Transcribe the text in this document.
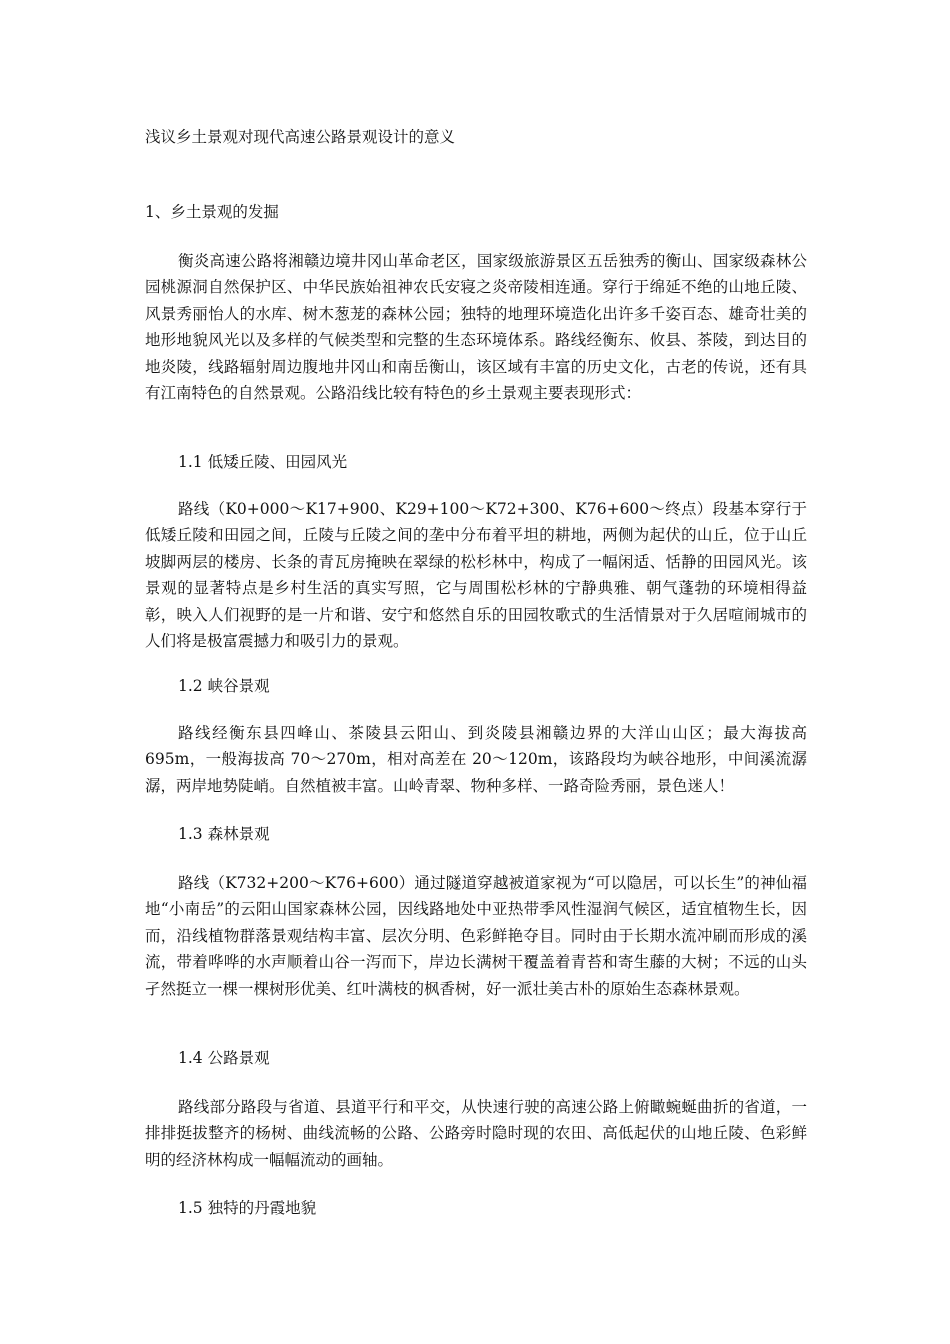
浅议乡土景观对现代高速公路景观设计的意义
1、乡土景观的发掘

衡炎高速公路将湘赣边境井冈山革命老区，国家级旅游景区五岳独秀的衡山、国家级森林公园桃源洞自然保护区、中华民族始祖神农氏安寝之炎帝陵相连通。穿行于绵延不绝的山地丘陵、风景秀丽怡人的水库、树木葱茏的森林公园；独特的地理环境造化出许多千姿百态、雄奇壮美的地形地貌风光以及多样的气候类型和完整的生态环境体系。路线经衡东、攸县、茶陵，到达目的地炎陵，线路辐射周边腹地井冈山和南岳衡山，该区域有丰富的历史文化，古老的传说，还有具有江南特色的自然景观。公路沿线比较有特色的乡土景观主要表现形式：

1.1 低矮丘陵、田园风光

路线（K0+000～K17+900、K29+100～K72+300、K76+600～终点）段基本穿行于低矮丘陵和田园之间，丘陵与丘陵之间的垄中分布着平坦的耕地，两侧为起伏的山丘，位于山丘坡脚两层的楼房、长条的青瓦房掩映在翠绿的松杉林中，构成了一幅闲适、恬静的田园风光。该景观的显著特点是乡村生活的真实写照，它与周围松杉林的宁静典雅、朝气蓬勃的环境相得益彰，映入人们视野的是一片和谐、安宁和悠然自乐的田园牧歌式的生活情景对于久居喧闹城市的人们将是极富震撼力和吸引力的景观。

1.2 峡谷景观

路线经衡东县四峰山、茶陵县云阳山、到炎陵县湘赣边界的大洋山山区；最大海拔高695m，一般海拔高 70～270m，相对高差在 20～120m，该路段均为峡谷地形，中间溪流潺潺，两岸地势陡峭。自然植被丰富。山岭青翠、物种多样、一路奇险秀丽，景色迷人！

1.3 森林景观

路线（K732+200～K76+600）通过隧道穿越被道家视为“可以隐居，可以长生”的神仙福地“小南岳”的云阳山国家森林公园，因线路地处中亚热带季风性湿润气候区，适宜植物生长，因而，沿线植物群落景观结构丰富、层次分明、色彩鲜艳夺目。同时由于长期水流冲刷而形成的溪流，带着哗哗的水声顺着山谷一泻而下，岸边长满树干覆盖着青苔和寄生藤的大树；不远的山头孑然挺立一棵一棵树形优美、红叶满枝的枫香树，好一派壮美古朴的原始生态森林景观。

1.4 公路景观

路线部分路段与省道、县道平行和平交，从快速行驶的高速公路上俯瞰蜿蜒曲折的省道，一排排挺拔整齐的杨树、曲线流畅的公路、公路旁时隐时现的农田、高低起伏的山地丘陵、色彩鲜明的经济林构成一幅幅流动的画轴。

1.5 独特的丹霞地貌
